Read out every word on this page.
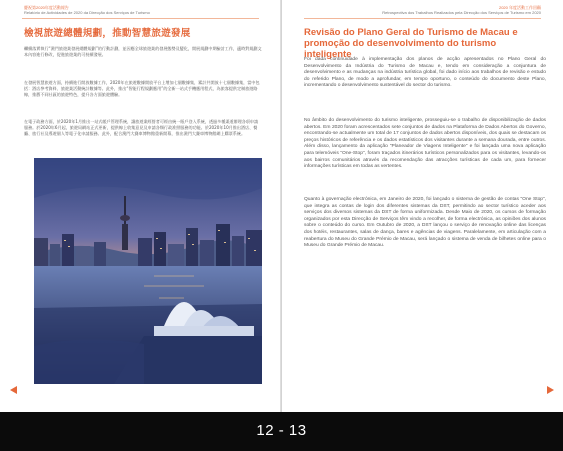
慶祝第2020年度活動報告
Relatório de Actividades de 2020 da Direcção dos Serviços de Turismo
檢視旅遊總體規劃，推動智慧旅遊發展
繼續落實執行“澳門旅遊業發展總體規劃”的行動計劃，並因應全球旅遊業的發展態勢及變化，開展規劃中期檢討工作，適時對規劃文本內容進行修改，促進旅遊業的可持續發展。
在發展智慧旅遊方面，持續進行開放數據工作，2020年在旅遊數據開放平台上增加七個數據集，累計共開放十七個數據集，當中包括：酒店參考資料、旅遊業活動統計數據等。此外，推出“智能行程規劃應用”的全新一站式手機應用程式，為旅客提供定制旅遊路線，推薦不同社區的旅遊特色，提升各方面旅遊體驗。
在電子政務方面，於2020年1月推出一站式帳戶管理系統，讓旅遊業經營者可經由統一賬戶登入系統，透過多種渠道辦理各項申請服務。於2020年6月起，旅遊局網站正式更新，提供線上收集意見及申請各類行政准照服務的功能。於2020年10月推出酒店、餐廳、旅行社及導遊個人等電子化申請服務。此外，配合澳門大賽車博物館重新開幕，推出澳門大賽車博物館網上購票系統。
2020 年度活動工作回顧
Retrospectiva dos Trabalhos Realizados pela Direcção dos Serviços de Turismo em 2020
Revisão do Plano Geral do Turismo de Macau e promoção do desenvolvimento do turismo inteligente
Foi dada continuidade à implementação dos planos de acção apresentados no Plano Geral do Desenvolvimento da Indústria do Turismo de Macau e, tendo em consideração a conjuntura de desenvolvimento e as mudanças na indústria turística global, foi dado início aos trabalhos de revisão e estudo do referido Plano, de modo a aprofundar, em tempo oportuno, o conteúdo do documento deste Plano, incrementando o desenvolvimento sustentável do sector do turismo.
No âmbito do desenvolvimento do turismo inteligente, prosseguiu-se o trabalho de disponibilização de dados abertos. Em 2020 foram acrescentados sete conjuntos de dados na Plataforma de Dados Abertos do Governo, encontrando-se actualmente um total de 17 conjuntos de dados abertos disponíveis, dos quais se destacam os preços históricos de referência e os dados estatísticos dos visitantes durante a semana dourada, entre outros. Além disso, lançamento da aplicação “Planeador de Viagens Inteligente” e foi lançada uma nova aplicação para telemóveis “One-Stop”, foram traçados itinerários turísticos personalizados para os visitantes, levando-os aos bairros comunitários através da recomendação das atracções turísticas de cada um, para fornecer informações turísticas em todas as vertentes.
Quanto à governação electrónica, em Janeiro de 2020, foi lançado o sistema de gestão de contas “One Stop”, que integra as contas de login dos diferentes sistemas da DST, permitindo ao sector turístico aceder aos serviços dos diversos sistemas da DST de forma uniformizada. Desde Maio de 2020, os cursos de formação organizados por esta Direcção de Serviços têm vindo a recolher, de forma electrónica, as opiniões dos alunos sobre o conteúdo do curso. Em Outubro de 2020, a DST lançou o serviço de renovação online das licenças dos hotéis, restaurantes, salas de dança, bares e agências de viagens. Paralelamente, em articulação com a reabertura do Museu do Grande Prémio de Macau, será lançado o sistema de venda de bilhetes online para o Museu do Grande Prémio de Macau.
12 - 13
